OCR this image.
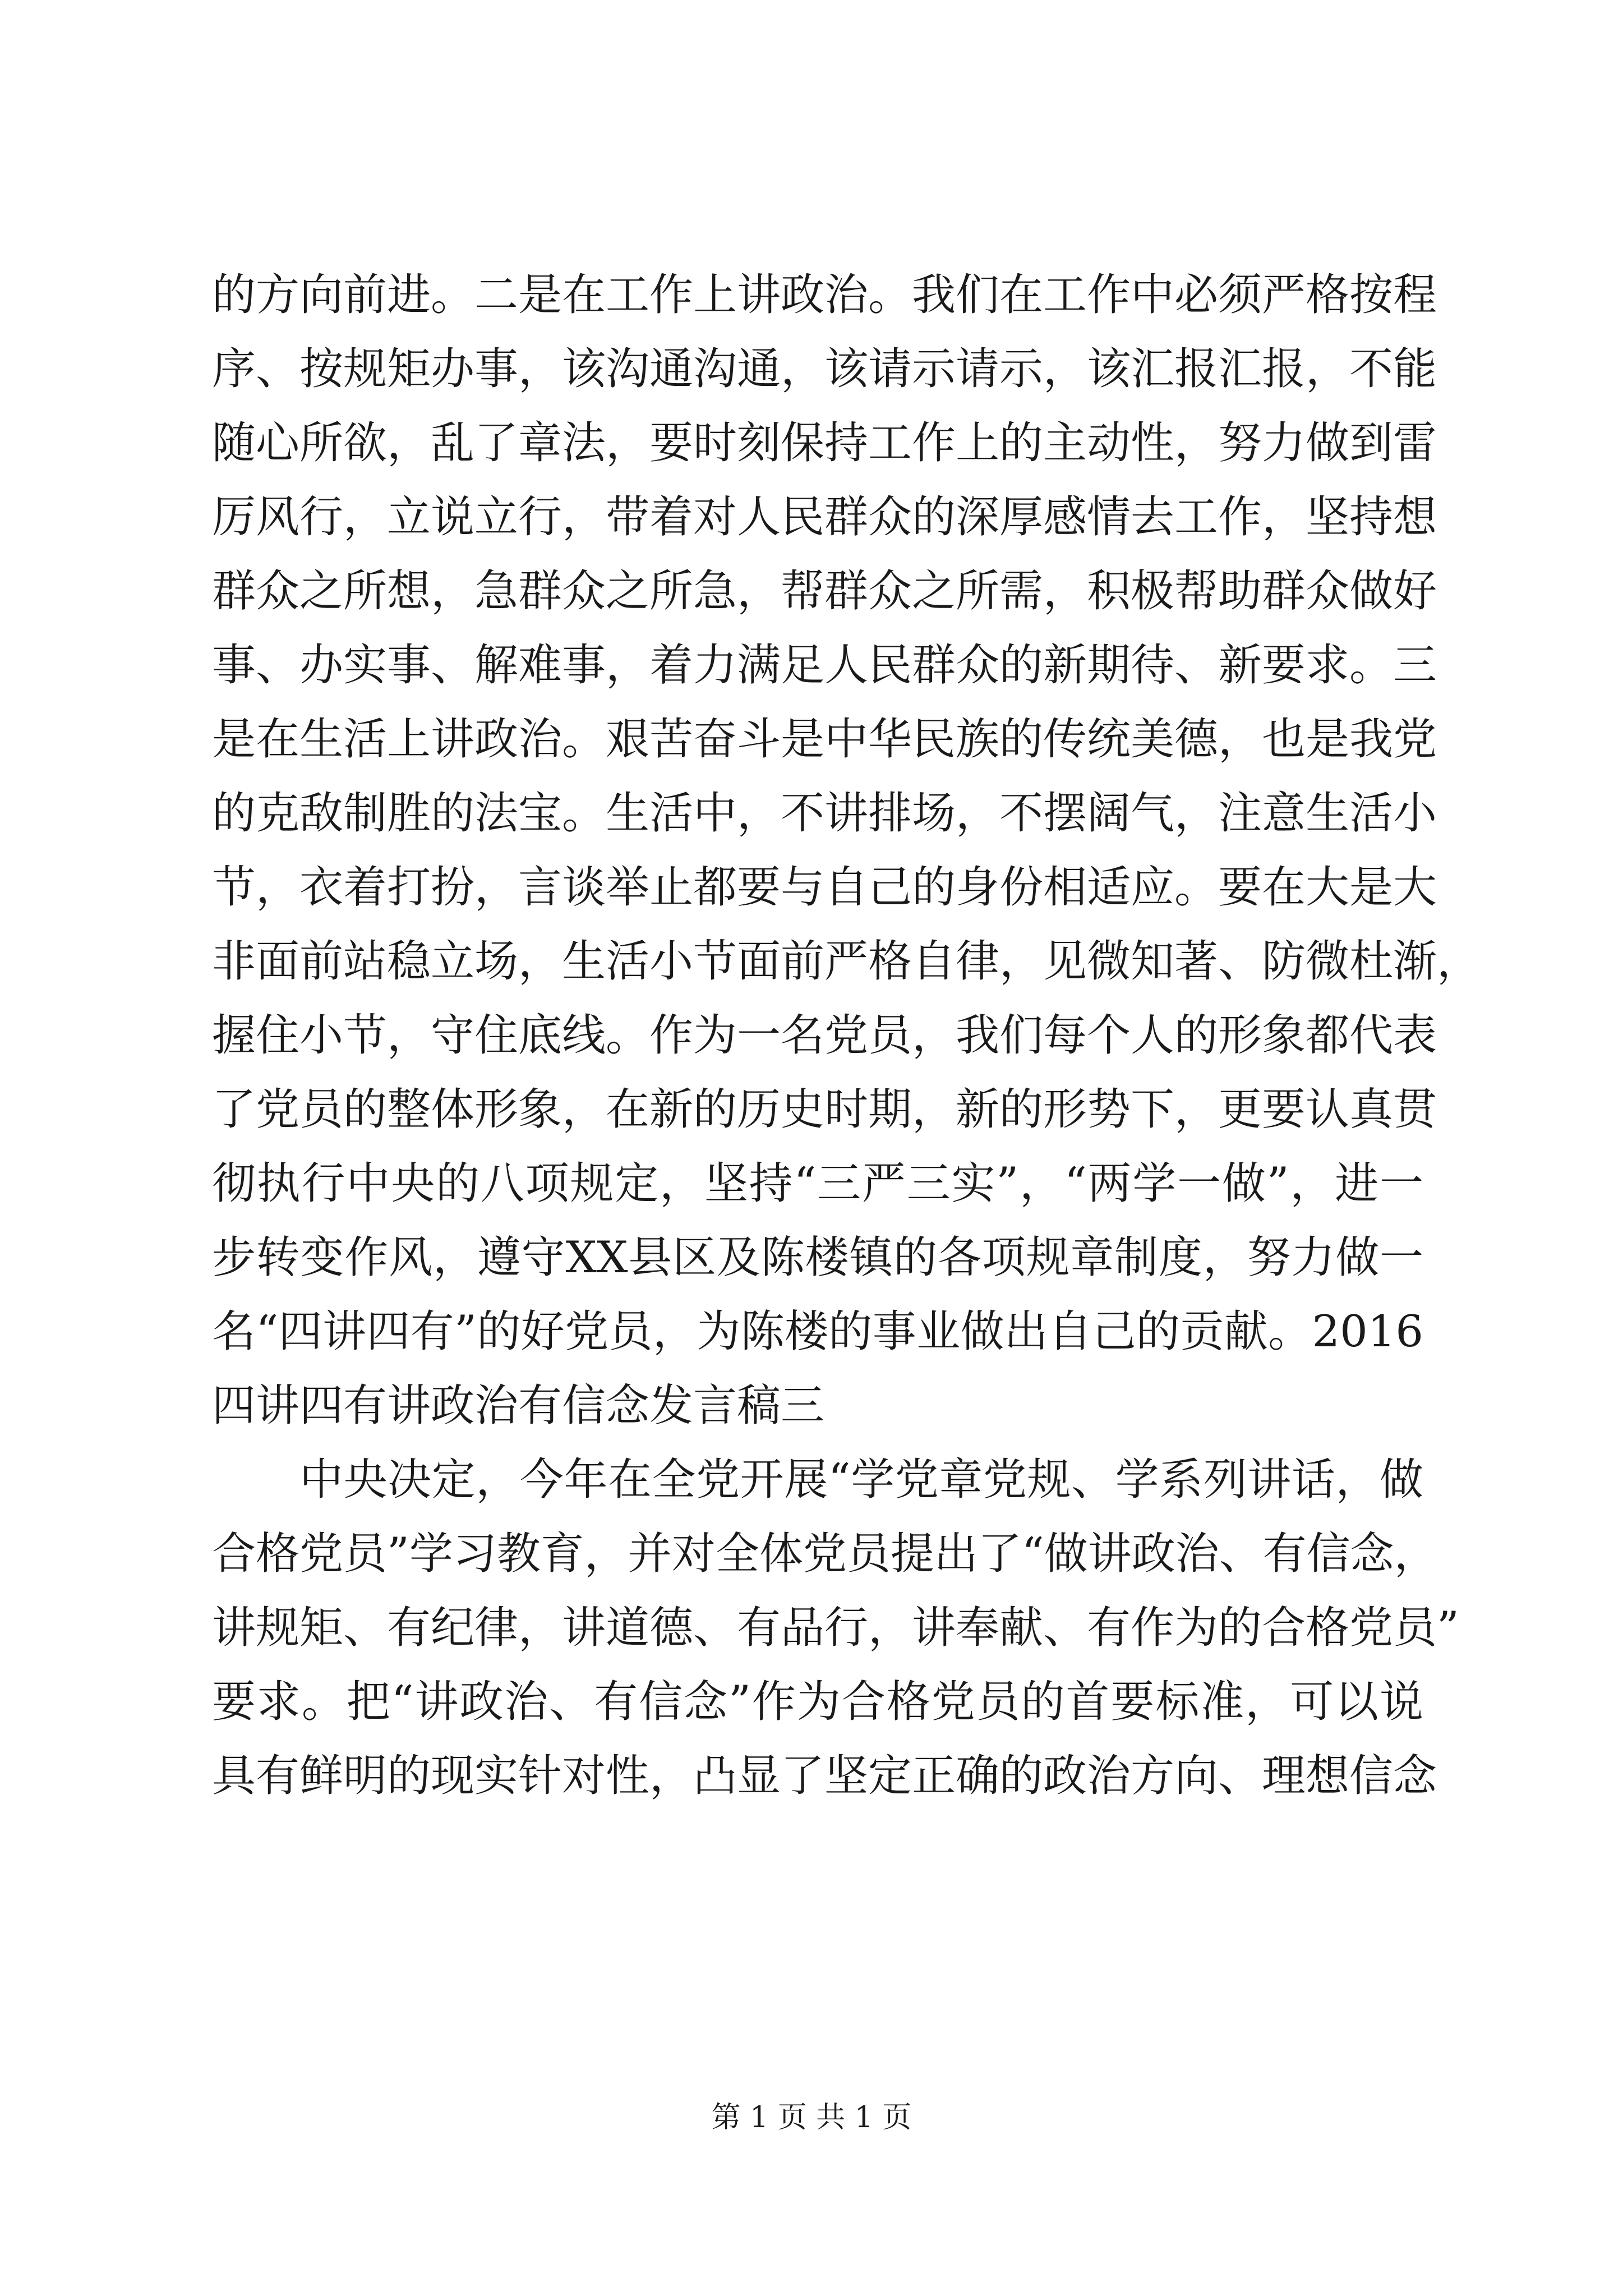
的方向前进。二是在工作上讲政治。我们在工作中必须严格按程
序、按规矩办事，该沟通沟通，该请示请示，该汇报汇报，不能
随心所欲，乱了章法，要时刻保持工作上的主动性，努力做到雷
厉风行，立说立行，带着对人民群众的深厚感情去工作，坚持想
群众之所想，急群众之所急，帮群众之所需，积极帮助群众做好
事、办实事、解难事，着力满足人民群众的新期待、新要求。三
是在生活上讲政治。艰苦奋斗是中华民族的传统美德，也是我党
的克敌制胜的法宝。生活中，不讲排场，不摆阔气，注意生活小
节，衣着打扮，言谈举止都要与自己的身份相适应。要在大是大
非面前站稳立场，生活小节面前严格自律，见微知著、防微杜渐，
握住小节，守住底线。作为一名党员，我们每个人的形象都代表
了党员的整体形象，在新的历史时期，新的形势下，更要认真贯
彻执行中央的八项规定，坚持“三严三实”，“两学一做”，进一
步转变作风，遵守XX县区及陈楼镇的各项规章制度，努力做一
名“四讲四有”的好党员，为陈楼的事业做出自己的贡献。2016
四讲四有讲政治有信念发言稿三
中央决定，今年在全党开展“学党章党规、学系列讲话，做
合格党员”学习教育，并对全体党员提出了“做讲政治、有信念，
讲规矩、有纪律，讲道德、有品行，讲奉献、有作为的合格党员”
要求。把“讲政治、有信念”作为合格党员的首要标准，可以说
具有鲜明的现实针对性，凸显了坚定正确的政治方向、理想信念
第 1 页 共 1 页
